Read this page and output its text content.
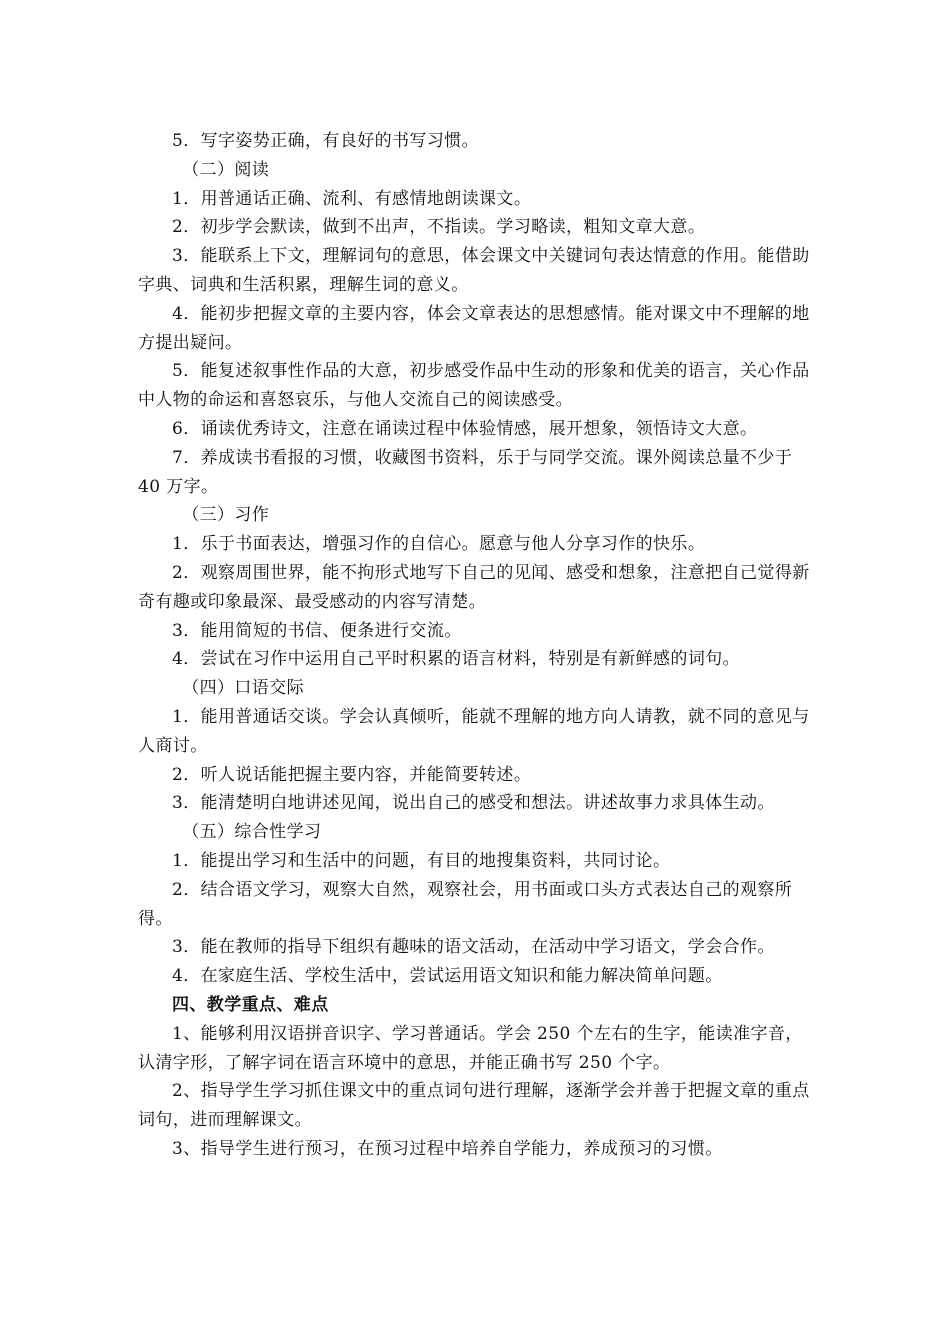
5．写字姿势正确，有良好的书写习惯。

（二）阅读

1．用普通话正确、流利、有感情地朗读课文。

2．初步学会默读，做到不出声，不指读。学习略读，粗知文章大意。

3．能联系上下文，理解词句的意思，体会课文中关键词句表达情意的作用。能借助字典、词典和生活积累，理解生词的意义。

4．能初步把握文章的主要内容，体会文章表达的思想感情。能对课文中不理解的地方提出疑问。

5．能复述叙事性作品的大意，初步感受作品中生动的形象和优美的语言，关心作品中人物的命运和喜怒哀乐，与他人交流自己的阅读感受。

6．诵读优秀诗文，注意在诵读过程中体验情感，展开想象，领悟诗文大意。

7．养成读书看报的习惯，收藏图书资料，乐于与同学交流。课外阅读总量不少于 40 万字。

（三）习作

1．乐于书面表达，增强习作的自信心。愿意与他人分享习作的快乐。

2．观察周围世界，能不拘形式地写下自己的见闻、感受和想象，注意把自己觉得新奇有趣或印象最深、最受感动的内容写清楚。

3．能用简短的书信、便条进行交流。

4．尝试在习作中运用自己平时积累的语言材料，特别是有新鲜感的词句。

（四）口语交际

1．能用普通话交谈。学会认真倾听，能就不理解的地方向人请教，就不同的意见与人商讨。

2．听人说话能把握主要内容，并能简要转述。

3．能清楚明白地讲述见闻，说出自己的感受和想法。讲述故事力求具体生动。

（五）综合性学习

1．能提出学习和生活中的问题，有目的地搜集资料，共同讨论。

2．结合语文学习，观察大自然，观察社会，用书面或口头方式表达自己的观察所得。

3．能在教师的指导下组织有趣味的语文活动，在活动中学习语文，学会合作。

4．在家庭生活、学校生活中，尝试运用语文知识和能力解决简单问题。

四、教学重点、难点

1、能够利用汉语拼音识字、学习普通话。学会 250 个左右的生字，能读准字音，认清字形，了解字词在语言环境中的意思，并能正确书写 250 个字。

2、指导学生学习抓住课文中的重点词句进行理解，逐渐学会并善于把握文章的重点词句，进而理解课文。

3、指导学生进行预习，在预习过程中培养自学能力，养成预习的习惯。
